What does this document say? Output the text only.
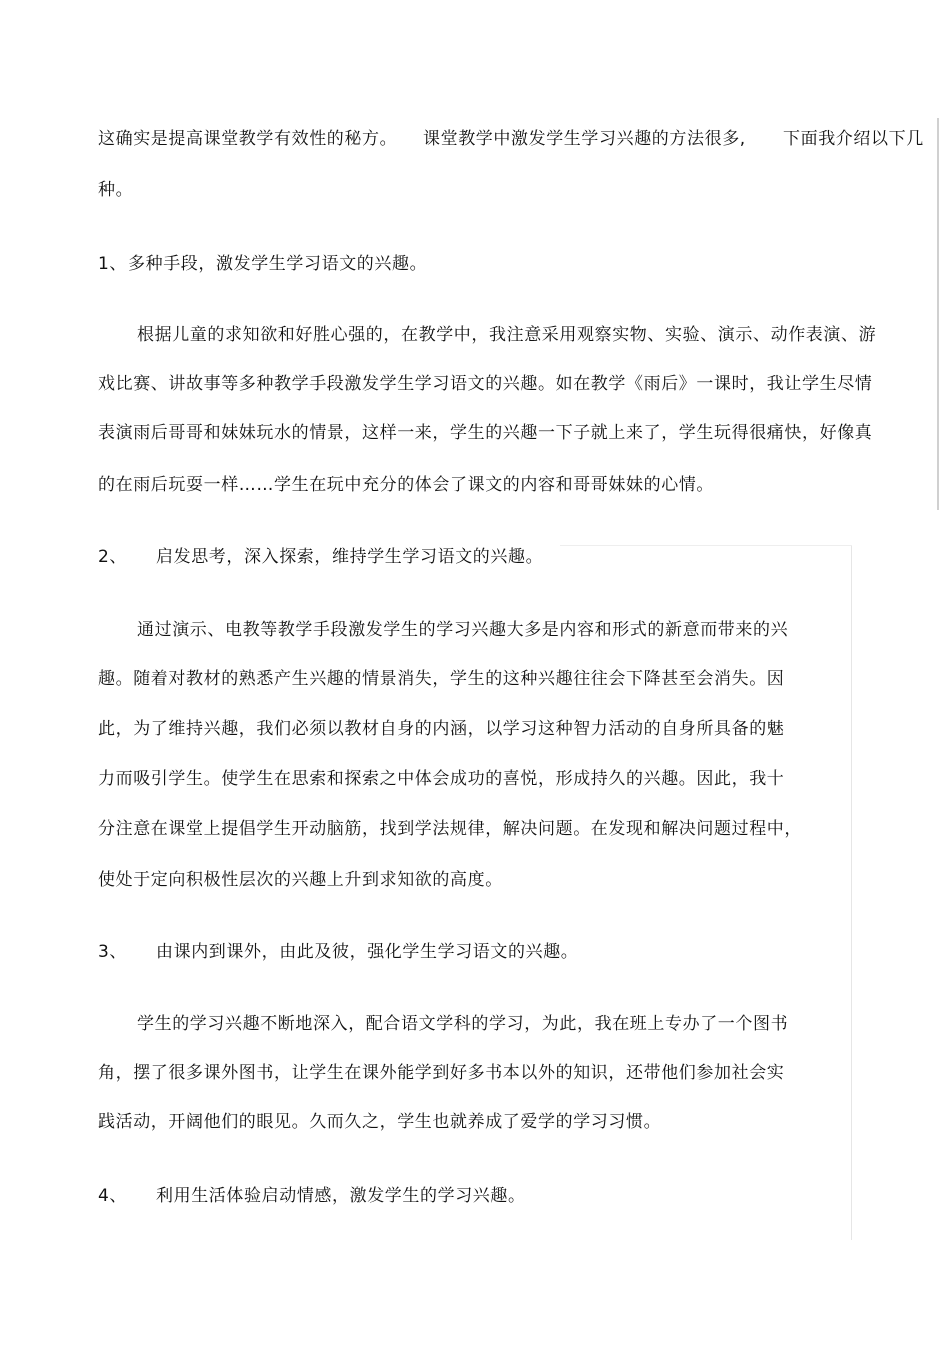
这确实是提高课堂教学有效性的秘方。 课堂教学中激发学生学习兴趣的方法很多, 下面我介绍以下几
种。
1、 多种手段，激发学生学习语文的兴趣。
根据儿童的求知欲和好胜心强的，在教学中，我注意采用观察实物、实验、演示、动作表演、游
戏比赛、讲故事等多种教学手段激发学生学习语文的兴趣。如在教学《雨后》一课时，我让学生尽情
表演雨后哥哥和妹妹玩水的情景，这样一来，学生的兴趣一下子就上来了，学生玩得很痛快，好像真
的在雨后玩耍一样……学生在玩中充分的体会了课文的内容和哥哥妹妹的心情。
2、 启发思考，深入探索，维持学生学习语文的兴趣。
通过演示、电教等教学手段激发学生的学习兴趣大多是内容和形式的新意而带来的兴
趣。随着对教材的熟悉产生兴趣的情景消失，学生的这种兴趣往往会下降甚至会消失。因
此，为了维持兴趣，我们必须以教材自身的内涵，以学习这种智力活动的自身所具备的魅
力而吸引学生。使学生在思索和探索之中体会成功的喜悦，形成持久的兴趣。因此，我十
分注意在课堂上提倡学生开动脑筋，找到学法规律，解决问题。在发现和解决问题过程中，
使处于定向积极性层次的兴趣上升到求知欲的高度。
3、 由课内到课外，由此及彼，强化学生学习语文的兴趣。
学生的学习兴趣不断地深入，配合语文学科的学习，为此，我在班上专办了一个图书
角，摆了很多课外图书，让学生在课外能学到好多书本以外的知识，还带他们参加社会实
践活动，开阔他们的眼见。久而久之，学生也就养成了爱学的学习习惯。
4、 利用生活体验启动情感，激发学生的学习兴趣。
